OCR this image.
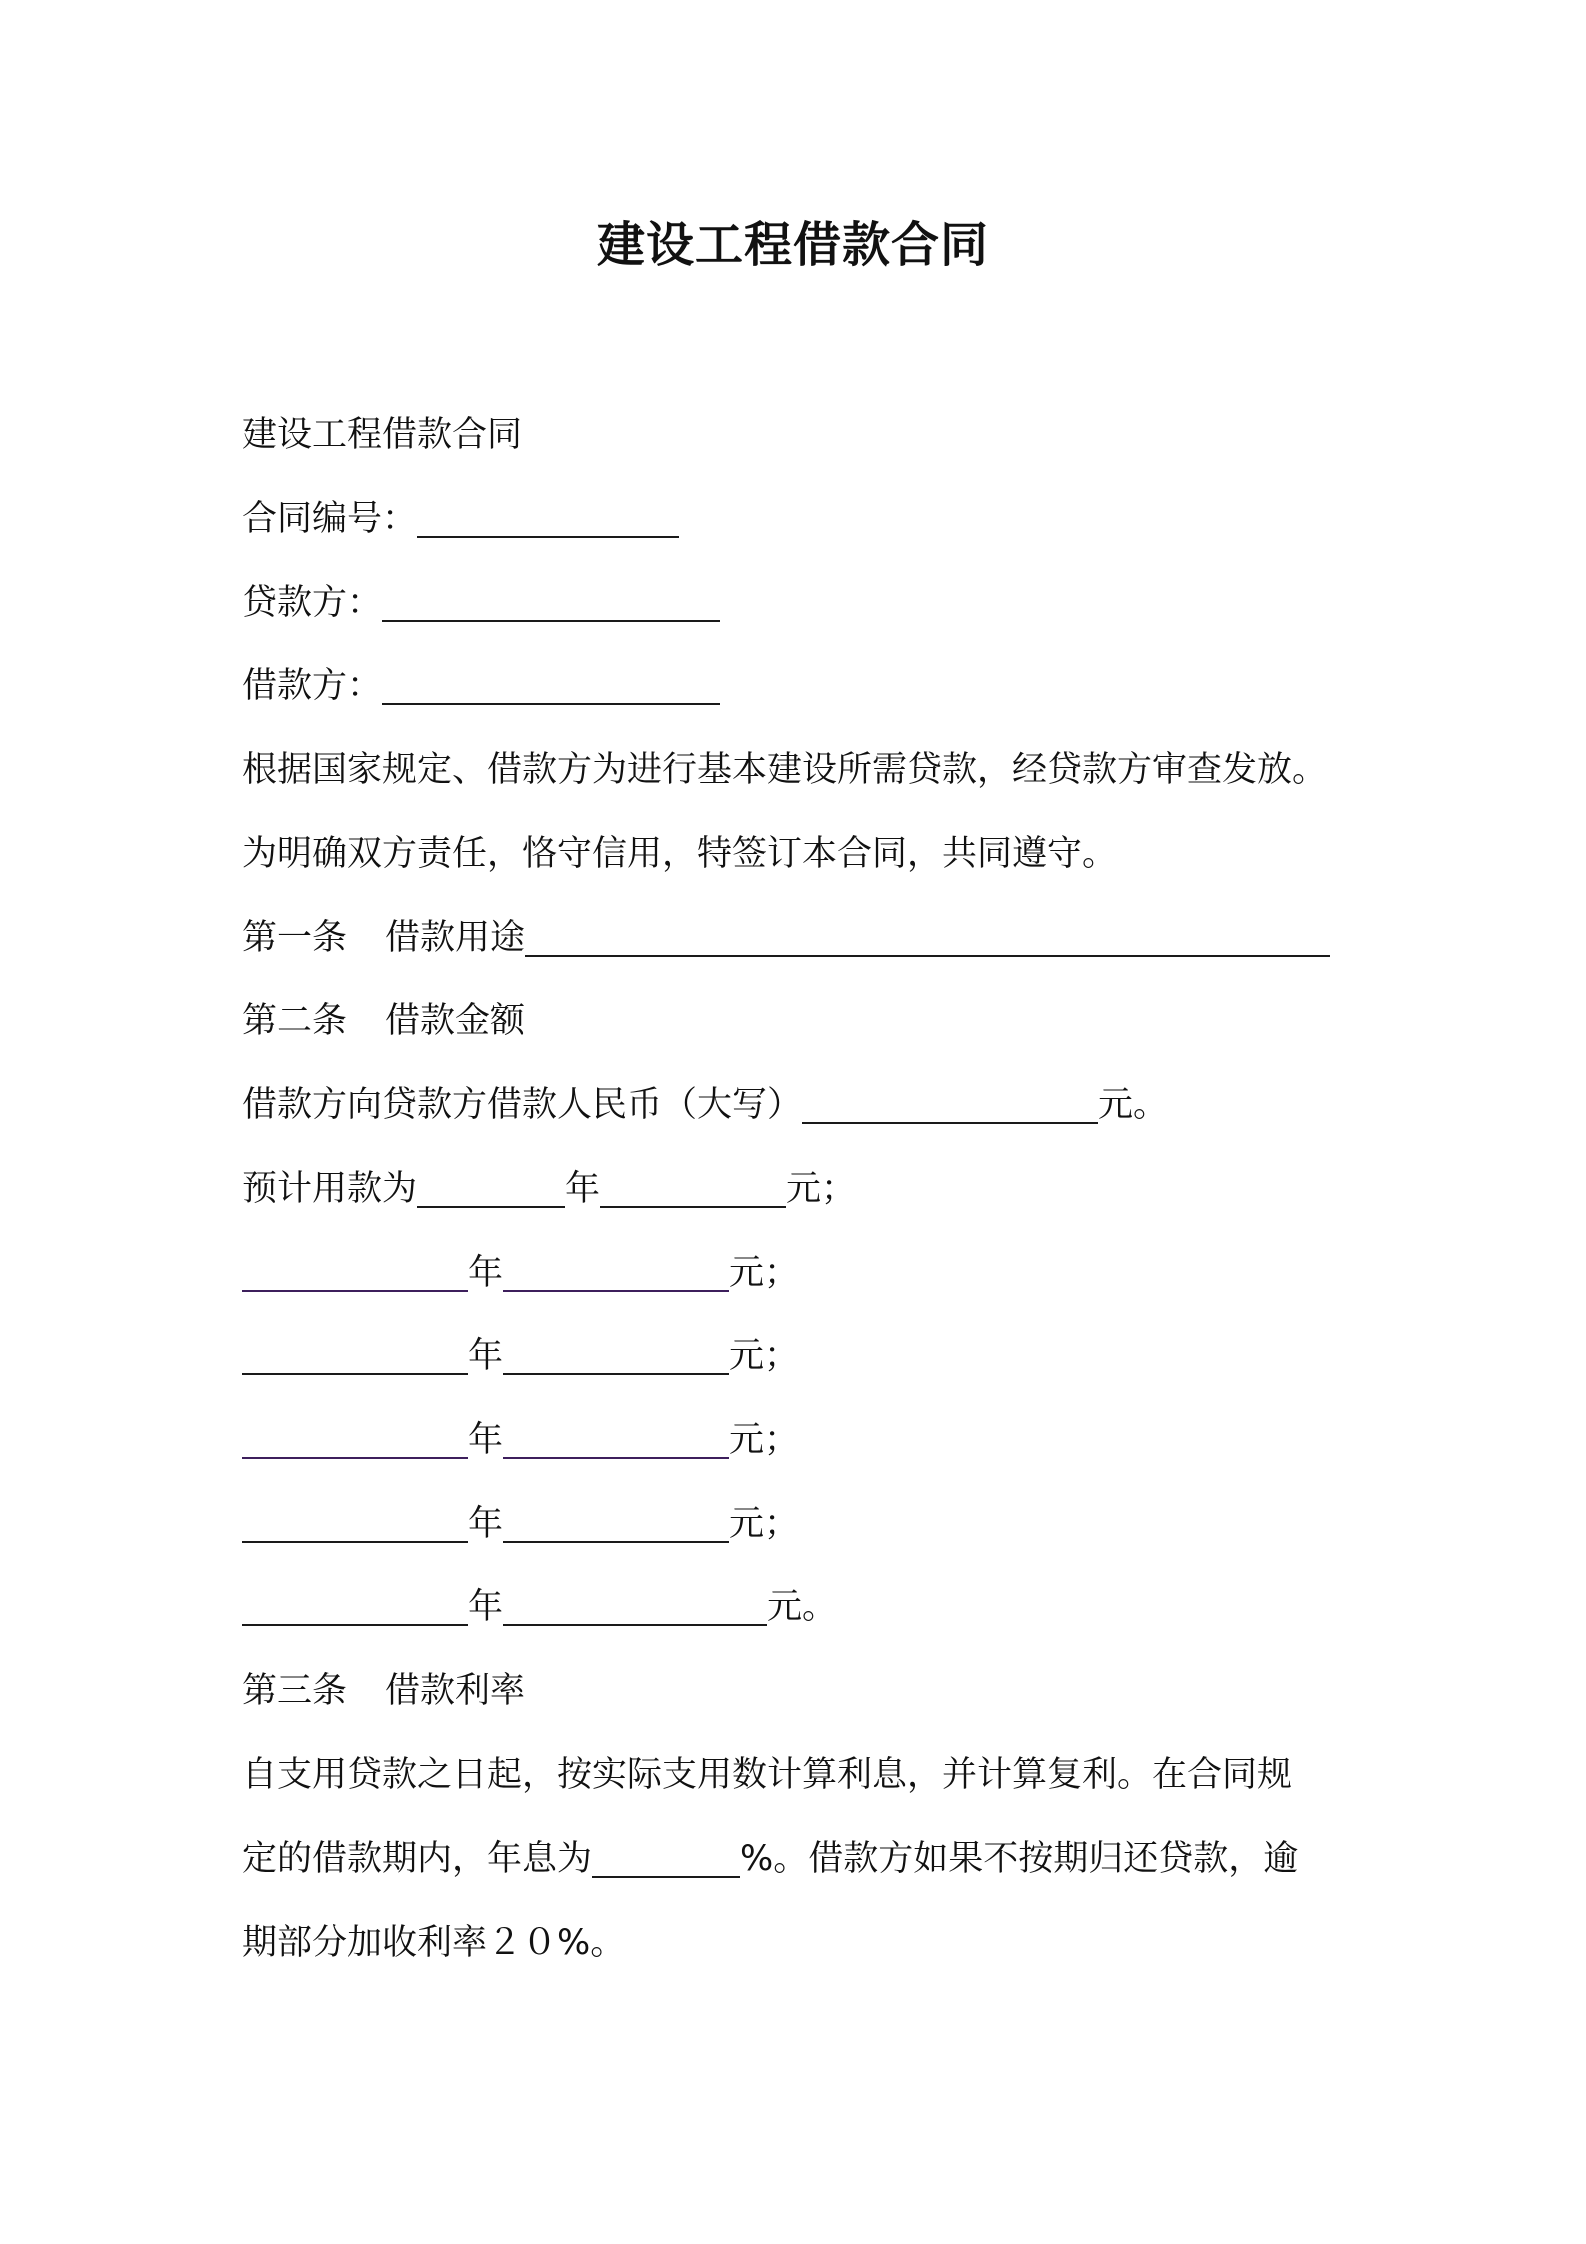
建设工程借款合同
建设工程借款合同
合同编号：
贷款方：
借款方：
根据国家规定、借款方为进行基本建设所需贷款，经贷款方审查发放。
为明确双方责任，恪守信用，特签订本合同，共同遵守。
第一条 借款用途
第二条 借款金额
借款方向贷款方借款人民币（大写）	元。
预计用款为	年	元；
年	元；
年	元；
年	元；
年	元；
年	元。
第三条 借款利率
自支用贷款之日起，按实际支用数计算利息，并计算复利。在合同规
定的借款期内，年息为	%。借款方如果不按期归还贷款，逾
期部分加收利率２０%。
